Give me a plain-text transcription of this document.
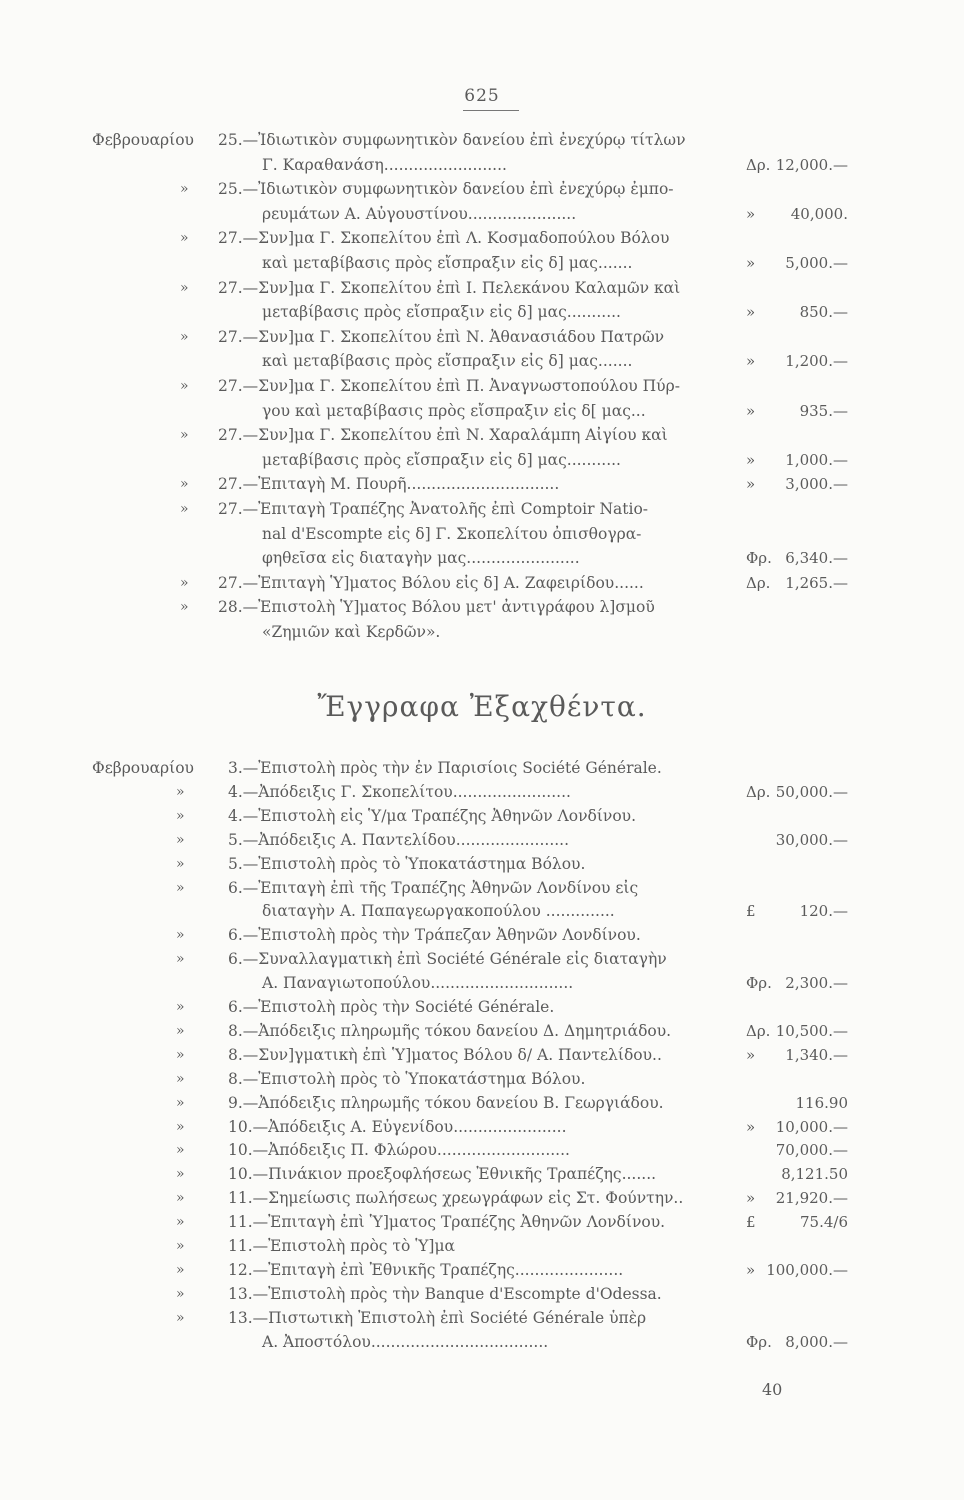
625
Φεβρουαρίου 25.—Ἰδιωτικὸν συμφωνητικὸν δανείου ἐπὶ ἐνεχύρῳ τίτλων
Γ. Καραθανάση.........................	Δρ. 12,000.—
» 25.—Ἰδιωτικὸν συμφωνητικὸν δανείου ἐπὶ ἐνεχύρῳ ἐμπο-
ρευμάτων Α. Αὐγουστίνου......................	» 40,000.
» 27.—Συν]μα Γ. Σκοπελίτου ἐπὶ Λ. Κοσμαδοπούλου Βόλου
καὶ μεταβίβασις πρὸς εἴσπραξιν εἰς δ] μας.......	» 5,000.—
» 27.—Συν]μα Γ. Σκοπελίτου ἐπὶ Ι. Πελεκάνου Καλαμῶν καὶ
μεταβίβασις πρὸς εἴσπραξιν εἰς δ] μας...........	»	850.—
» 27.—Συν]μα Γ. Σκοπελίτου ἐπὶ Ν. Ἀθανασιάδου Πατρῶν
καὶ μεταβίβασις πρὸς εἴσπραξιν εἰς δ] μας.......	» 1,200.—
» 27.—Συν]μα Γ. Σκοπελίτου ἐπὶ Π. Ἀναγνωστοπούλου Πύρ-
γου καὶ μεταβίβασις πρὸς εἴσπραξιν εἰς δ[ μας...	»	935.—
» 27.—Συν]μα Γ. Σκοπελίτου ἐπὶ Ν. Χαραλάμπη Αἰγίου καὶ
μεταβίβασις πρὸς εἴσπραξιν εἰς δ] μας...........	» 1,000.—
» 27.—Ἐπιταγὴ Μ. Πουρῆ...............................	» 3,000.—
» 27.—Ἐπιταγὴ Τραπέζης Ἀνατολῆς ἐπὶ Comptoir Natio-
nal d'Escompte εἰς δ] Γ. Σκοπελίτου ὀπισθογρα-
φηθεῖσα εἰς διαταγὴν μας.......................	Φρ. 6,340.—
» 27.—Ἐπιταγὴ Ὑ]ματος Βόλου εἰς δ] Α. Ζαφειρίδου......	Δρ. 1,265.—
» 28.—Ἐπιστολὴ Ὑ]ματος Βόλου μετ' ἀντιγράφου λ]σμοῦ
«Ζημιῶν καὶ Κερδῶν».
Ἔγγραφα Ἐξαχθέντα.
Φεβρουαρίου 3.—Ἐπιστολὴ πρὸς τὴν ἐν Παρισίοις Société Générale.
»	4.—Ἀπόδειξις Γ. Σκοπελίτου........................	Δρ. 50,000.—
»	4.—Ἐπιστολὴ εἰς Ὑ/μα Τραπέζης Ἀθηνῶν Λονδίνου.
»	5.—Ἀπόδειξις Α. Παντελίδου.......................	30,000.—
»	5.—Ἐπιστολὴ πρὸς τὸ Ὑποκατάστημα Βόλου.
»	6.—Ἐπιταγὴ ἐπὶ τῆς Τραπέζης Ἀθηνῶν Λονδίνου εἰς
διαταγὴν Α. Παπαγεωργακοπούλου ..............	£	120.—
»	6.—Ἐπιστολὴ πρὸς τὴν Τράπεζαν Ἀθηνῶν Λονδίνου.
»	6.—Συναλλαγματικὴ ἐπὶ Société Générale εἰς διαταγὴν
Α. Παναγιωτοπούλου.............................	Φρ. 2,300.—
»	6.—Ἐπιστολὴ πρὸς τὴν Société Générale.
»	8.—Ἀπόδειξις πληρωμῆς τόκου δανείου Δ. Δημητριάδου.	Δρ. 10,500.—
»	8.—Συν]γματικὴ ἐπὶ Ὑ]ματος Βόλου δ/ Α. Παντελίδου..	» 1,340.—
»	8.—Ἐπιστολὴ πρὸς τὸ Ὑποκατάστημα Βόλου.
»	9.—Ἀπόδειξις πληρωμῆς τόκου δανείου Β. Γεωργιάδου.	116.90
»	10.—Ἀπόδειξις Α. Εὐγενίδου.......................	» 10,000.—
»	10.—Ἀπόδειξις Π. Φλώρου...........................	70,000.—
»	10.—Πινάκιον προεξοφλήσεως Ἐθνικῆς Τραπέζης.......	8,121.50
»	11.—Σημείωσις πωλήσεως χρεωγράφων εἰς Στ. Φούντην..	» 21,920.—
»	11.—Ἐπιταγὴ ἐπὶ Ὑ]ματος Τραπέζης Ἀθηνῶν Λονδίνου.	£	75.4/6
»	11.—Ἐπιστολὴ πρὸς τὸ Ὑ]μα
»	12.—Ἐπιταγὴ ἐπὶ Ἐθνικῆς Τραπέζης......................	» 100,000.—
»	13.—Ἐπιστολὴ πρὸς τὴν Banque d'Escompte d'Odessa.
»	13.—Πιστωτικὴ Ἐπιστολὴ ἐπὶ Société Générale ὑπὲρ
Α. Ἀποστόλου....................................	Φρ. 8,000.—
40
